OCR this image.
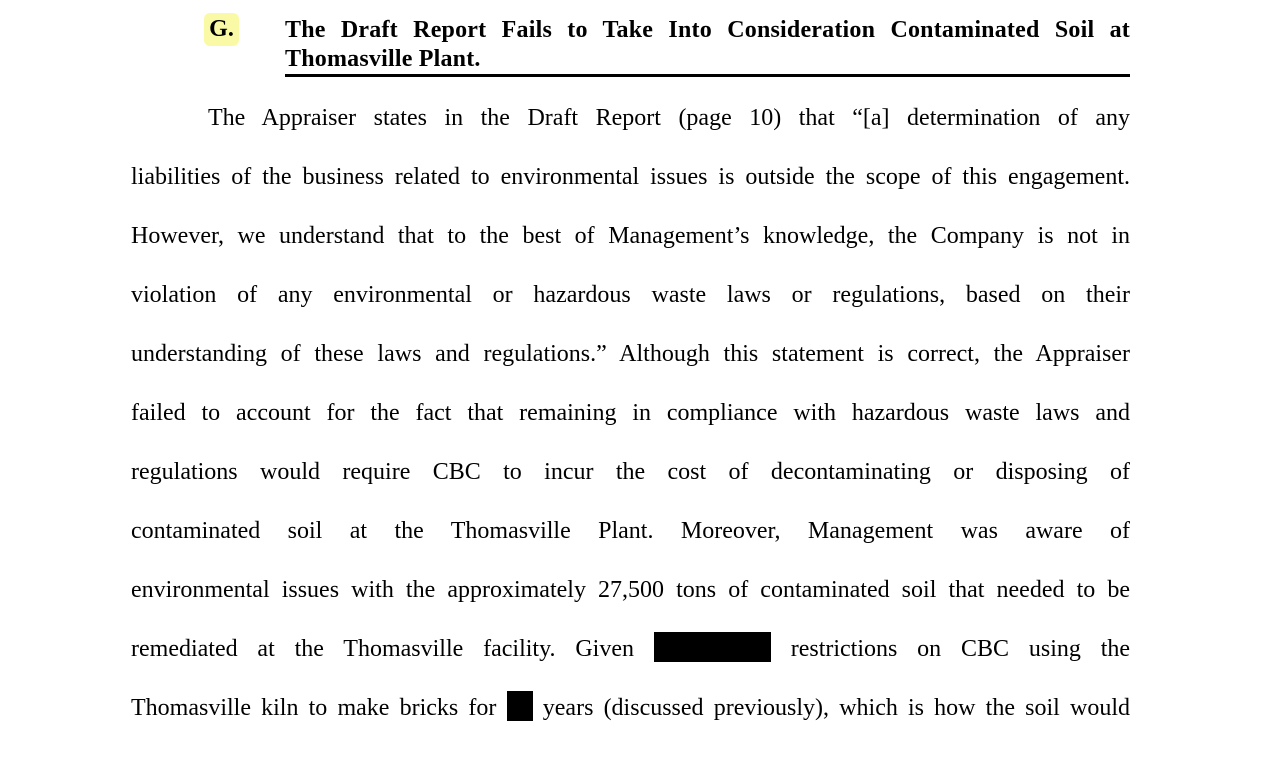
G. The Draft Report Fails to Take Into Consideration Contaminated Soil at Thomasville Plant.
The Appraiser states in the Draft Report (page 10) that “[a] determination of any
liabilities of the business related to environmental issues is outside the scope of this engagement.
However, we understand that to the best of Management’s knowledge, the Company is not in
violation of any environmental or hazardous waste laws or regulations, based on their
understanding of these laws and regulations.” Although this statement is correct, the Appraiser
failed to account for the fact that remaining in compliance with hazardous waste laws and
regulations would require CBC to incur the cost of decontaminating or disposing of
contaminated soil at the Thomasville Plant. Moreover, Management was aware of
environmental issues with the approximately 27,500 tons of contaminated soil that needed to be
remediated at the Thomasville facility. Given	restrictions on CBC using the
Thomasville kiln to make bricks for years (discussed previously), which is how the soil would
